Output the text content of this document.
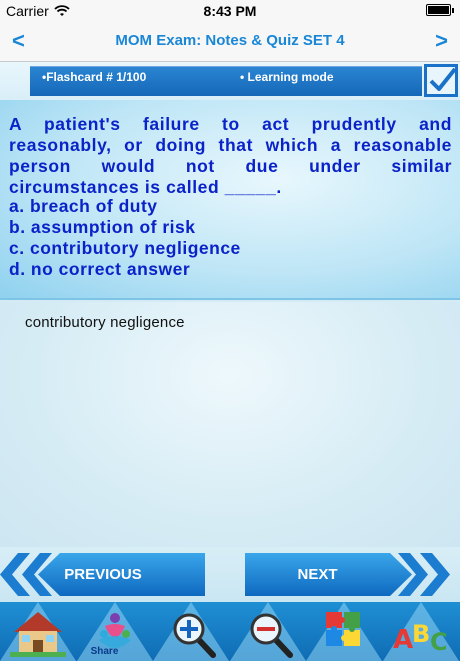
Carrier	8:43 PM
<	MOM Exam: Notes & Quiz SET 4	>
•Flashcard # 1/100	• Learning mode
A patient's failure to act prudently and reasonably, or doing that which a reasonable person would not due under similar circumstances is called _____.
a. breach of duty
b. assumption of risk
c. contributory negligence
d. no correct answer
contributory negligence
PREVIOUS	NEXT
Share	A
B C
